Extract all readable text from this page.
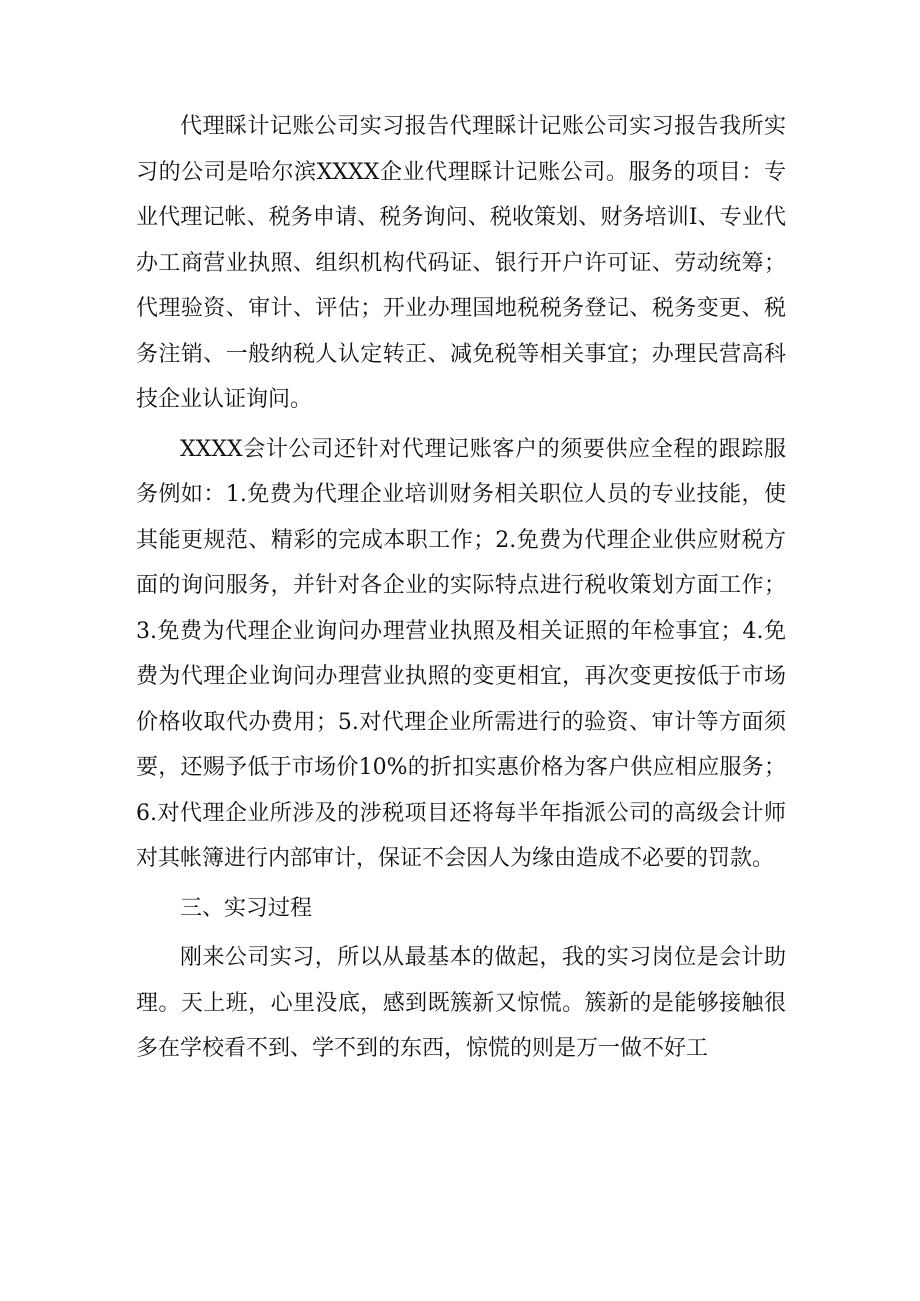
代理睬计记账公司实习报告代理睬计记账公司实习报告我所实习的公司是哈尔滨XXXX企业代理睬计记账公司。服务的项目：专业代理记帐、税务申请、税务询问、税收策划、财务培训I、专业代办工商营业执照、组织机构代码证、银行开户许可证、劳动统筹；代理验资、审计、评估；开业办理国地税税务登记、税务变更、税务注销、一般纳税人认定转正、减免税等相关事宜；办理民营高科技企业认证询问。

XXXX会计公司还针对代理记账客户的须要供应全程的跟踪服务例如：1.免费为代理企业培训财务相关职位人员的专业技能，使其能更规范、精彩的完成本职工作；2.免费为代理企业供应财税方面的询问服务，并针对各企业的实际特点进行税收策划方面工作；3.免费为代理企业询问办理营业执照及相关证照的年检事宜；4.免费为代理企业询问办理营业执照的变更相宜，再次变更按低于市场价格收取代办费用；5.对代理企业所需进行的验资、审计等方面须要，还赐予低于市场价10%的折扣实惠价格为客户供应相应服务；6.对代理企业所涉及的涉税项目还将每半年指派公司的高级会计师对其帐簿进行内部审计，保证不会因人为缘由造成不必要的罚款。

三、实习过程

刚来公司实习，所以从最基本的做起，我的实习岗位是会计助理。天上班，心里没底，感到既簇新又惊慌。簇新的是能够接触很多在学校看不到、学不到的东西，惊慌的则是万一做不好工
